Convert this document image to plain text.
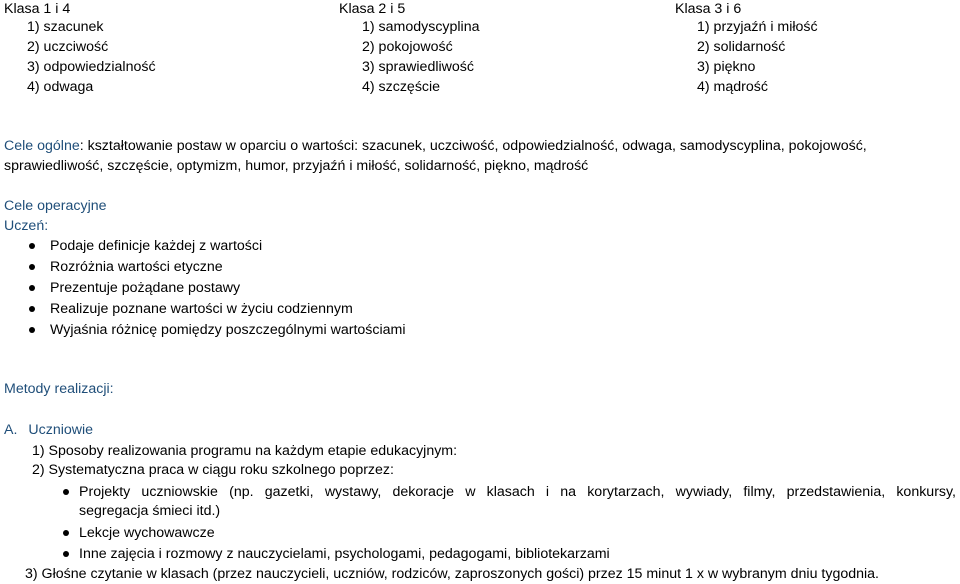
Klasa 1 i 4
1) szacunek
2) uczciwość
3) odpowiedzialność
4) odwaga
Klasa 2 i 5
1) samodyscyplina
2) pokojowość
3) sprawiedliwość
4) szczęście
Klasa 3 i 6
1) przyjaźń i miłość
2) solidarność
3) piękno
4) mądrość
Cele ogólne: kształtowanie postaw w oparciu o wartości: szacunek, uczciwość, odpowiedzialność, odwaga, samodyscyplina, pokojowość,
sprawiedliwość, szczęście, optymizm, humor, przyjaźń i miłość, solidarność, piękno, mądrość
Cele operacyjne
Uczeń:
Podaje definicje każdej z wartości
Rozróżnia wartości etyczne
Prezentuje pożądane postawy
Realizuje poznane wartości w życiu codziennym
Wyjaśnia różnicę pomiędzy poszczególnymi wartościami
Metody realizacji:
A. Uczniowie
1) Sposoby realizowania programu na każdym etapie edukacyjnym:
2) Systematyczna praca w ciągu roku szkolnego poprzez:
Projekty uczniowskie (np. gazetki, wystawy, dekoracje w klasach i na korytarzach, wywiady, filmy, przedstawienia, konkursy,
segregacja śmieci itd.)
Lekcje wychowawcze
Inne zajęcia i rozmowy z nauczycielami, psychologami, pedagogami, bibliotekarzami
3) Głośne czytanie w klasach (przez nauczycieli, uczniów, rodziców, zaproszonych gości) przez 15 minut 1 x w wybranym dniu tygodnia.
